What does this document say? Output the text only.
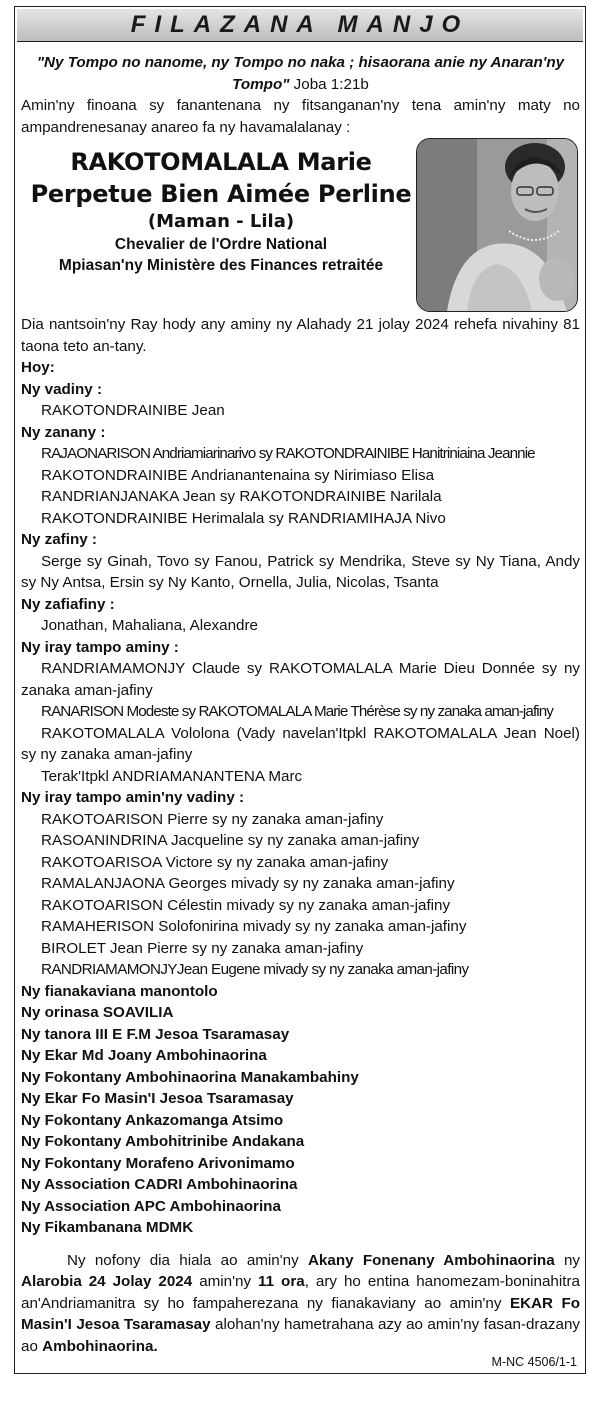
FILAZANA MANJO
"Ny Tompo no nanome, ny Tompo no naka ; hisaorana anie ny Anaran'ny Tompo" Joba 1:21b
Amin'ny finoana sy fanantenana ny fitsanganan'ny tena amin'ny maty no ampandrenesanay anareo fa ny havamalalanay :
RAKOTOMALALA Marie
Perpetue Bien Aimée Perline
(Maman - Lila)
Chevalier de l'Ordre National
Mpiasan'ny Ministère des Finances retraitée
Dia nantsoin'ny Ray hody any aminy ny Alahady 21 jolay 2024 rehefa nivahiny 81 taona teto an-tany.
Hoy:
Ny vadiny :
RAKOTONDRAINIBE Jean
Ny zanany :
RAJAONARISON Andriamiarinarivo sy RAKOTONDRAINIBE Hanitriniaina Jeannie
RAKOTONDRAINIBE Andrianantenaina sy Nirimiaso Elisa
RANDRIANJANAKA Jean sy RAKOTONDRAINIBE Narilala
RAKOTONDRAINIBE Herimalala sy RANDRIAMIHAJA Nivo
Ny zafiny :
Serge sy Ginah, Tovo sy Fanou, Patrick sy Mendrika, Steve sy Ny Tiana, Andy sy Ny Antsa, Ersin sy Ny Kanto, Ornella, Julia, Nicolas, Tsanta
Ny zafiafiny :
Jonathan, Mahaliana, Alexandre
Ny iray tampo aminy :
RANDRIAMAMONJY Claude sy RAKOTOMALALA Marie Dieu Donnée sy ny zanaka aman-jafiny
RANARISON Modeste sy RAKOTOMALALA Marie Thérèse sy ny zanaka aman-jafiny
RAKOTOMALALA Vololona (Vady navelan'Itpkl RAKOTOMALALA Jean Noel) sy ny zanaka aman-jafiny
Terak'Itpkl ANDRIAMANANTENA Marc
Ny iray tampo amin'ny vadiny :
RAKOTOARISON Pierre sy ny zanaka aman-jafiny
RASOANINDRINA Jacqueline sy ny zanaka aman-jafiny
RAKOTOARISOA Victore sy ny zanaka aman-jafiny
RAMALANJAONA Georges mivady sy ny zanaka aman-jafiny
RAKOTOARISON Célestin mivady sy ny zanaka aman-jafiny
RAMAHERISON Solofonirina mivady sy ny zanaka aman-jafiny
BIROLET Jean Pierre sy ny zanaka aman-jafiny
RANDRIAMAMONJYJean Eugene mivady sy ny zanaka aman-jafiny
Ny fianakaviana manontolo
Ny orinasa SOAVILIA
Ny tanora III E F.M Jesoa Tsaramasay
Ny Ekar Md Joany Ambohinaorina
Ny Fokontany Ambohinaorina Manakambahiny
Ny Ekar Fo Masin'I Jesoa Tsaramasay
Ny Fokontany Ankazomanga Atsimo
Ny Fokontany Ambohitrinibe Andakana
Ny Fokontany Morafeno Arivonimamo
Ny Association CADRI Ambohinaorina
Ny Association APC Ambohinaorina
Ny Fikambanana MDMK
Ny nofony dia hiala ao amin'ny Akany Fonenany Ambohinaorina ny Alarobia 24 Jolay 2024 amin'ny 11 ora, ary ho entina hanomezam-boninahitra an'Andriamanitra sy ho fampaherezana ny fianakaviany ao amin'ny EKAR Fo Masin'I Jesoa Tsaramasay alohan'ny hametrahana azy ao amin'ny fasan-drazany ao Ambohinaorina.
M-NC 4506/1-1
